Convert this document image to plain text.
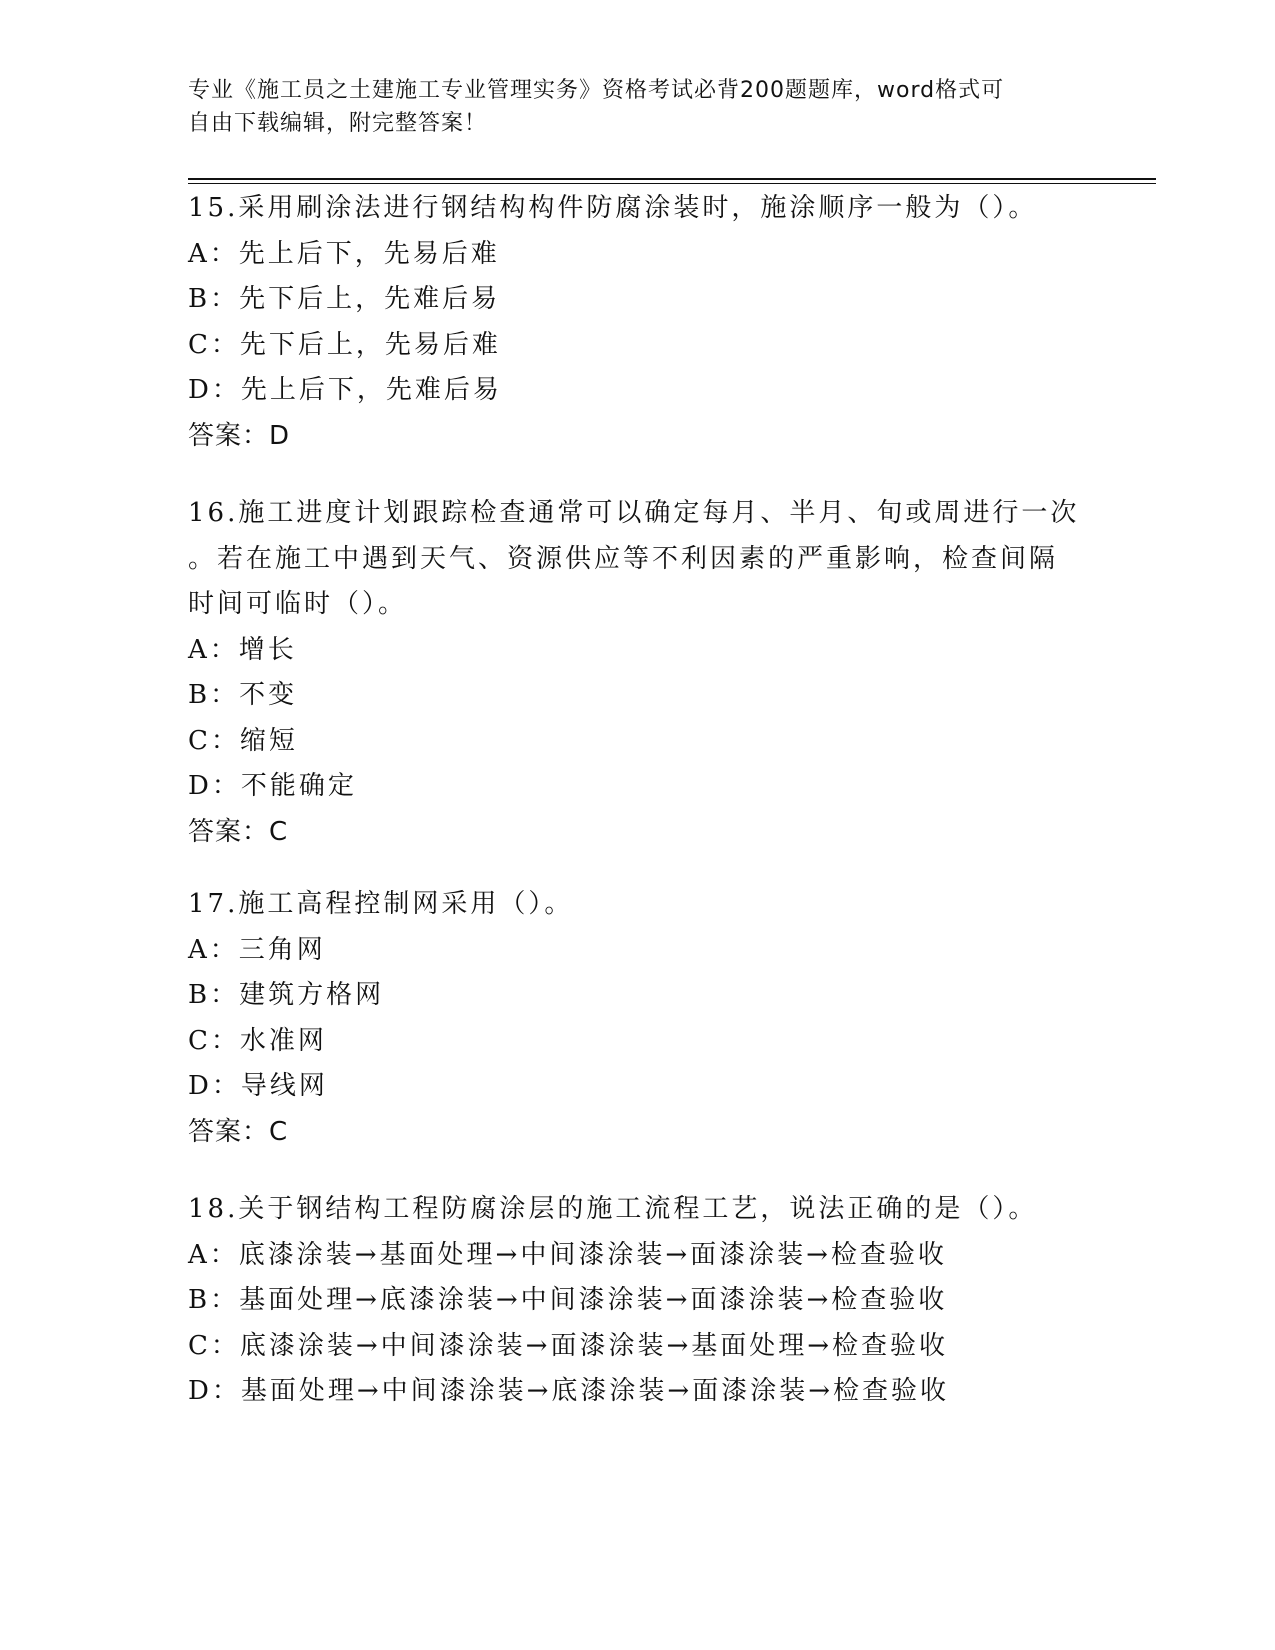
专业《施工员之土建施工专业管理实务》资格考试必背200题题库，word格式可
自由下载编辑，附完整答案！
15.采用刷涂法进行钢结构构件防腐涂装时，施涂顺序一般为（）。
A：先上后下，先易后难
B：先下后上，先难后易
C：先下后上，先易后难
D：先上后下，先难后易
答案：D
16.施工进度计划跟踪检查通常可以确定每月、半月、旬或周进行一次
。若在施工中遇到天气、资源供应等不利因素的严重影响，检查间隔
时间可临时（）。
A：增长
B：不变
C：缩短
D：不能确定
答案：C
17.施工高程控制网采用（）。
A：三角网
B：建筑方格网
C：水准网
D：导线网
答案：C
18.关于钢结构工程防腐涂层的施工流程工艺，说法正确的是（）。
A：底漆涂装→基面处理→中间漆涂装→面漆涂装→检查验收
B：基面处理→底漆涂装→中间漆涂装→面漆涂装→检查验收
C：底漆涂装→中间漆涂装→面漆涂装→基面处理→检查验收
D：基面处理→中间漆涂装→底漆涂装→面漆涂装→检查验收
